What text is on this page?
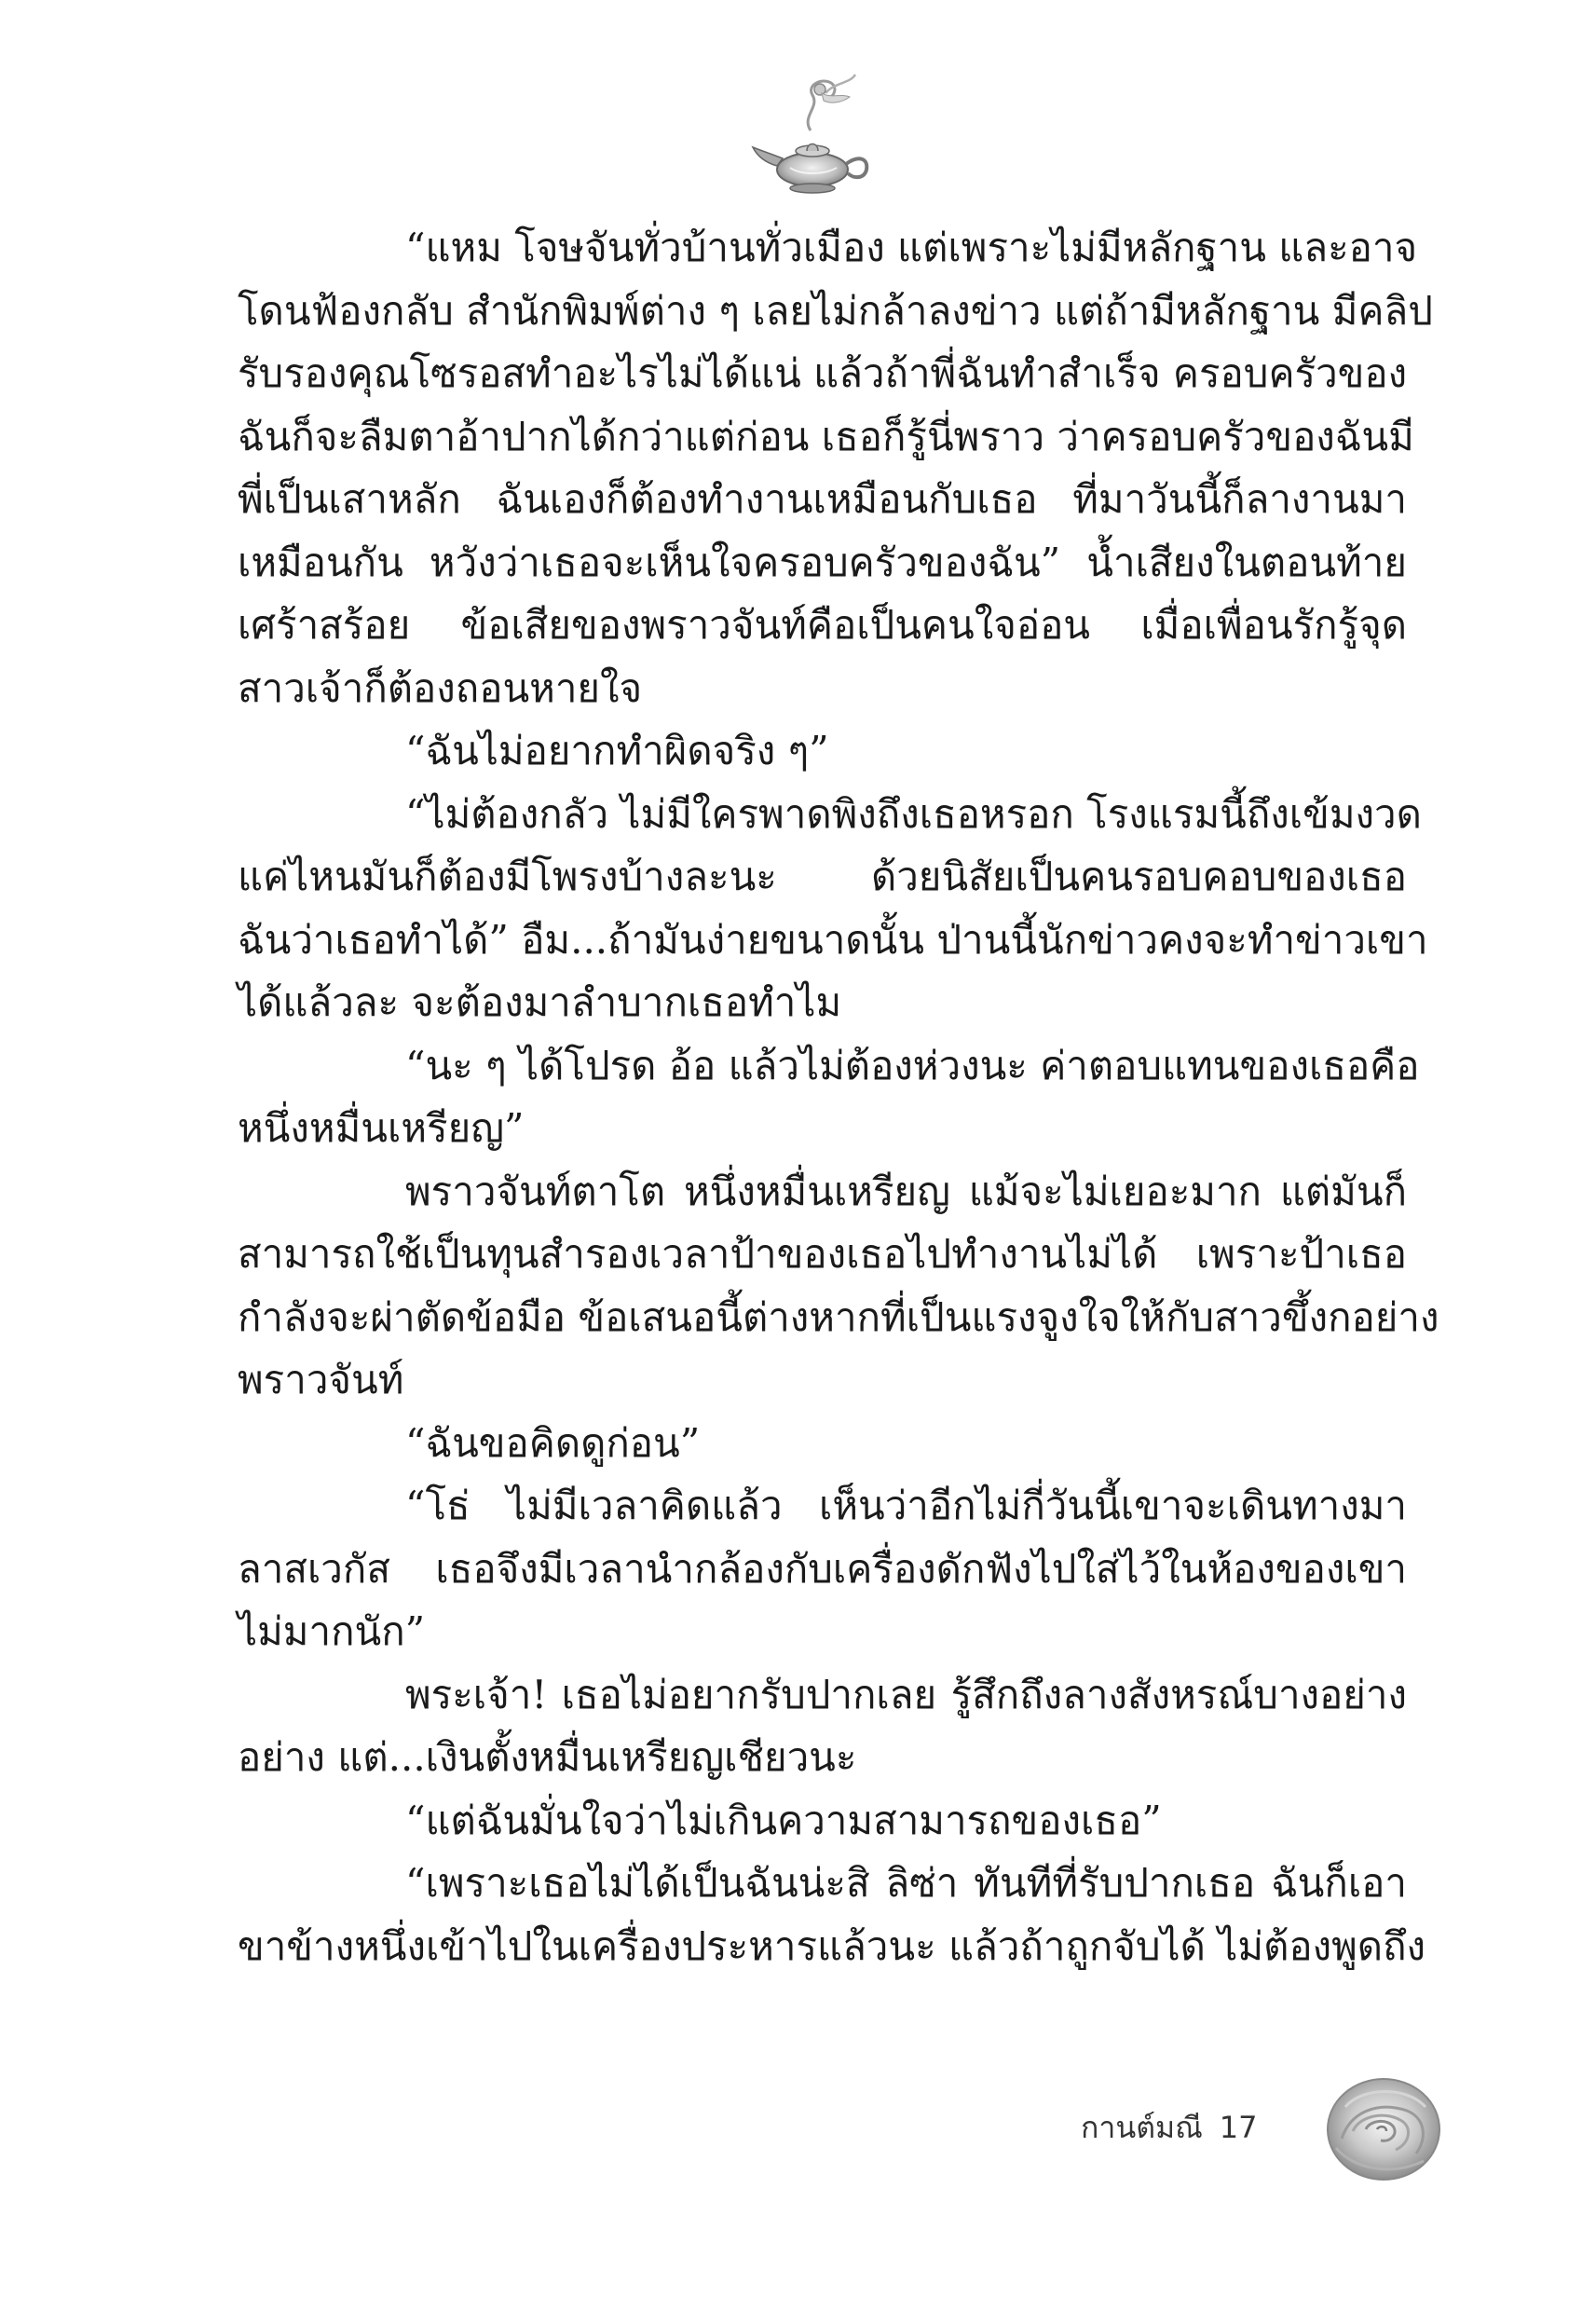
“แหม โจษจันทั่วบ้านทั่วเมือง แต่เพราะไม่มีหลักฐาน และอาจ
โดนฟ้องกลับ สำนักพิมพ์ต่าง ๆ เลยไม่กล้าลงข่าว แต่ถ้ามีหลักฐาน มีคลิป
รับรองคุณโซรอสทำอะไรไม่ได้แน่ แล้วถ้าพี่ฉันทำสำเร็จ ครอบครัวของ
ฉันก็จะลืมตาอ้าปากได้กว่าแต่ก่อน เธอก็รู้นี่พราว ว่าครอบครัวของฉันมี
พี่เป็นเสาหลัก ฉันเองก็ต้องทำงานเหมือนกับเธอ ที่มาวันนี้ก็ลางานมา
เหมือนกัน หวังว่าเธอจะเห็นใจครอบครัวของฉัน” น้ำเสียงในตอนท้าย
เศร้าสร้อย ข้อเสียของพราวจันท์คือเป็นคนใจอ่อน เมื่อเพื่อนรักรู้จุด
สาวเจ้าก็ต้องถอนหายใจ
“ฉันไม่อยากทำผิดจริง ๆ”
“ไม่ต้องกลัว ไม่มีใครพาดพิงถึงเธอหรอก โรงแรมนี้ถึงเข้มงวด
แค่ไหนมันก็ต้องมีโพรงบ้างละนะ ด้วยนิสัยเป็นคนรอบคอบของเธอ
ฉันว่าเธอทำได้” อืม...ถ้ามันง่ายขนาดนั้น ป่านนี้นักข่าวคงจะทำข่าวเขา
ได้แล้วละ จะต้องมาลำบากเธอทำไม
“นะ ๆ ได้โปรด อ้อ แล้วไม่ต้องห่วงนะ ค่าตอบแทนของเธอคือ
หนึ่งหมื่นเหรียญ”
พราวจันท์ตาโต หนึ่งหมื่นเหรียญ แม้จะไม่เยอะมาก แต่มันก็
สามารถใช้เป็นทุนสำรองเวลาป้าของเธอไปทำงานไม่ได้ เพราะป้าเธอ
กำลังจะผ่าตัดข้อมือ ข้อเสนอนี้ต่างหากที่เป็นแรงจูงใจให้กับสาวขึ้งกอย่าง
พราวจันท์
“ฉันขอคิดดูก่อน”
“โธ่ ไม่มีเวลาคิดแล้ว เห็นว่าอีกไม่กี่วันนี้เขาจะเดินทางมา
ลาสเวกัส เธอจึงมีเวลานำกล้องกับเครื่องดักฟังไปใส่ไว้ในห้องของเขา
ไม่มากนัก”
พระเจ้า! เธอไม่อยากรับปากเลย รู้สึกถึงลางสังหรณ์บางอย่าง
อย่าง แต่...เงินตั้งหมื่นเหรียญเชียวนะ
“แต่ฉันมั่นใจว่าไม่เกินความสามารถของเธอ”
“เพราะเธอไม่ได้เป็นฉันน่ะสิ ลิซ่า ทันทีที่รับปากเธอ ฉันก็เอา
ขาข้างหนึ่งเข้าไปในเครื่องประหารแล้วนะ แล้วถ้าถูกจับได้ ไม่ต้องพูดถึง
กานต์มณี 17
